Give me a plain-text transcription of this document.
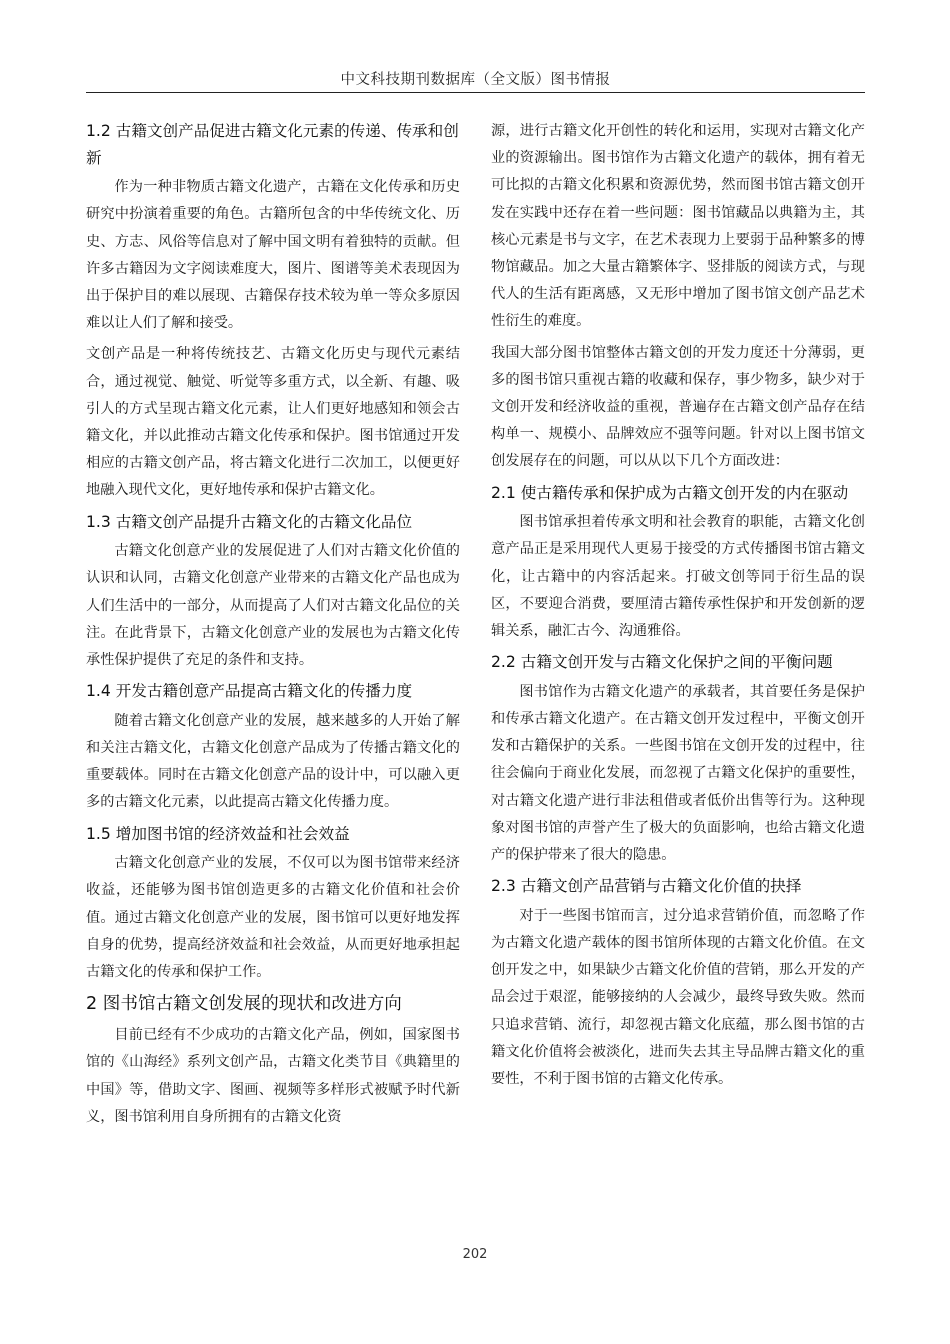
中文科技期刊数据库（全文版）图书情报
1.2 古籍文创产品促进古籍文化元素的传递、传承和创新

作为一种非物质古籍文化遗产，古籍在文化传承和历史研究中扮演着重要的角色。古籍所包含的中华传统文化、历史、方志、风俗等信息对了解中国文明有着独特的贡献。但许多古籍因为文字阅读难度大，图片、图谱等美术表现因为出于保护目的难以展现、古籍保存技术较为单一等众多原因难以让人们了解和接受。

文创产品是一种将传统技艺、古籍文化历史与现代元素结合，通过视觉、触觉、听觉等多重方式，以全新、有趣、吸引人的方式呈现古籍文化元素，让人们更好地感知和领会古籍文化，并以此推动古籍文化传承和保护。图书馆通过开发相应的古籍文创产品，将古籍文化进行二次加工，以便更好地融入现代文化，更好地传承和保护古籍文化。

1.3 古籍文创产品提升古籍文化的古籍文化品位

古籍文化创意产业的发展促进了人们对古籍文化价值的认识和认同，古籍文化创意产业带来的古籍文化产品也成为人们生活中的一部分，从而提高了人们对古籍文化品位的关注。在此背景下，古籍文化创意产业的发展也为古籍文化传承性保护提供了充足的条件和支持。

1.4 开发古籍创意产品提高古籍文化的传播力度

随着古籍文化创意产业的发展，越来越多的人开始了解和关注古籍文化，古籍文化创意产品成为了传播古籍文化的重要载体。同时在古籍文化创意产品的设计中，可以融入更多的古籍文化元素，以此提高古籍文化传播力度。

1.5 增加图书馆的经济效益和社会效益

古籍文化创意产业的发展，不仅可以为图书馆带来经济收益，还能够为图书馆创造更多的古籍文化价值和社会价值。通过古籍文化创意产业的发展，图书馆可以更好地发挥自身的优势，提高经济效益和社会效益，从而更好地承担起古籍文化的传承和保护工作。

2 图书馆古籍文创发展的现状和改进方向

目前已经有不少成功的古籍文化产品，例如，国家图书馆的《山海经》系列文创产品，古籍文化类节目《典籍里的中国》等，借助文字、图画、视频等多样形式被赋予时代新义，图书馆利用自身所拥有的古籍文化资

源，进行古籍文化开创性的转化和运用，实现对古籍文化产业的资源输出。图书馆作为古籍文化遗产的载体，拥有着无可比拟的古籍文化积累和资源优势，然而图书馆古籍文创开发在实践中还存在着一些问题：图书馆藏品以典籍为主，其核心元素是书与文字，在艺术表现力上要弱于品种繁多的博物馆藏品。加之大量古籍繁体字、竖排版的阅读方式，与现代人的生活有距离感，又无形中增加了图书馆文创产品艺术性衍生的难度。

我国大部分图书馆整体古籍文创的开发力度还十分薄弱，更多的图书馆只重视古籍的收藏和保存，事少物多，缺少对于文创开发和经济收益的重视，普遍存在古籍文创产品存在结构单一、规模小、品牌效应不强等问题。针对以上图书馆文创发展存在的问题，可以从以下几个方面改进：

2.1 使古籍传承和保护成为古籍文创开发的内在驱动

图书馆承担着传承文明和社会教育的职能，古籍文化创意产品正是采用现代人更易于接受的方式传播图书馆古籍文化，让古籍中的内容活起来。打破文创等同于衍生品的误区，不要迎合消费，要厘清古籍传承性保护和开发创新的逻辑关系，融汇古今、沟通雅俗。

2.2 古籍文创开发与古籍文化保护之间的平衡问题

图书馆作为古籍文化遗产的承载者，其首要任务是保护和传承古籍文化遗产。在古籍文创开发过程中，平衡文创开发和古籍保护的关系。一些图书馆在文创开发的过程中，往往会偏向于商业化发展，而忽视了古籍文化保护的重要性，对古籍文化遗产进行非法租借或者低价出售等行为。这种现象对图书馆的声誉产生了极大的负面影响，也给古籍文化遗产的保护带来了很大的隐患。

2.3 古籍文创产品营销与古籍文化价值的抉择

对于一些图书馆而言，过分追求营销价值，而忽略了作为古籍文化遗产载体的图书馆所体现的古籍文化价值。在文创开发之中，如果缺少古籍文化价值的营销，那么开发的产品会过于艰涩，能够接纳的人会减少，最终导致失败。然而只追求营销、流行，却忽视古籍文化底蕴，那么图书馆的古籍文化价值将会被淡化，进而失去其主导品牌古籍文化的重要性，不利于图书馆的古籍文化传承。

202
